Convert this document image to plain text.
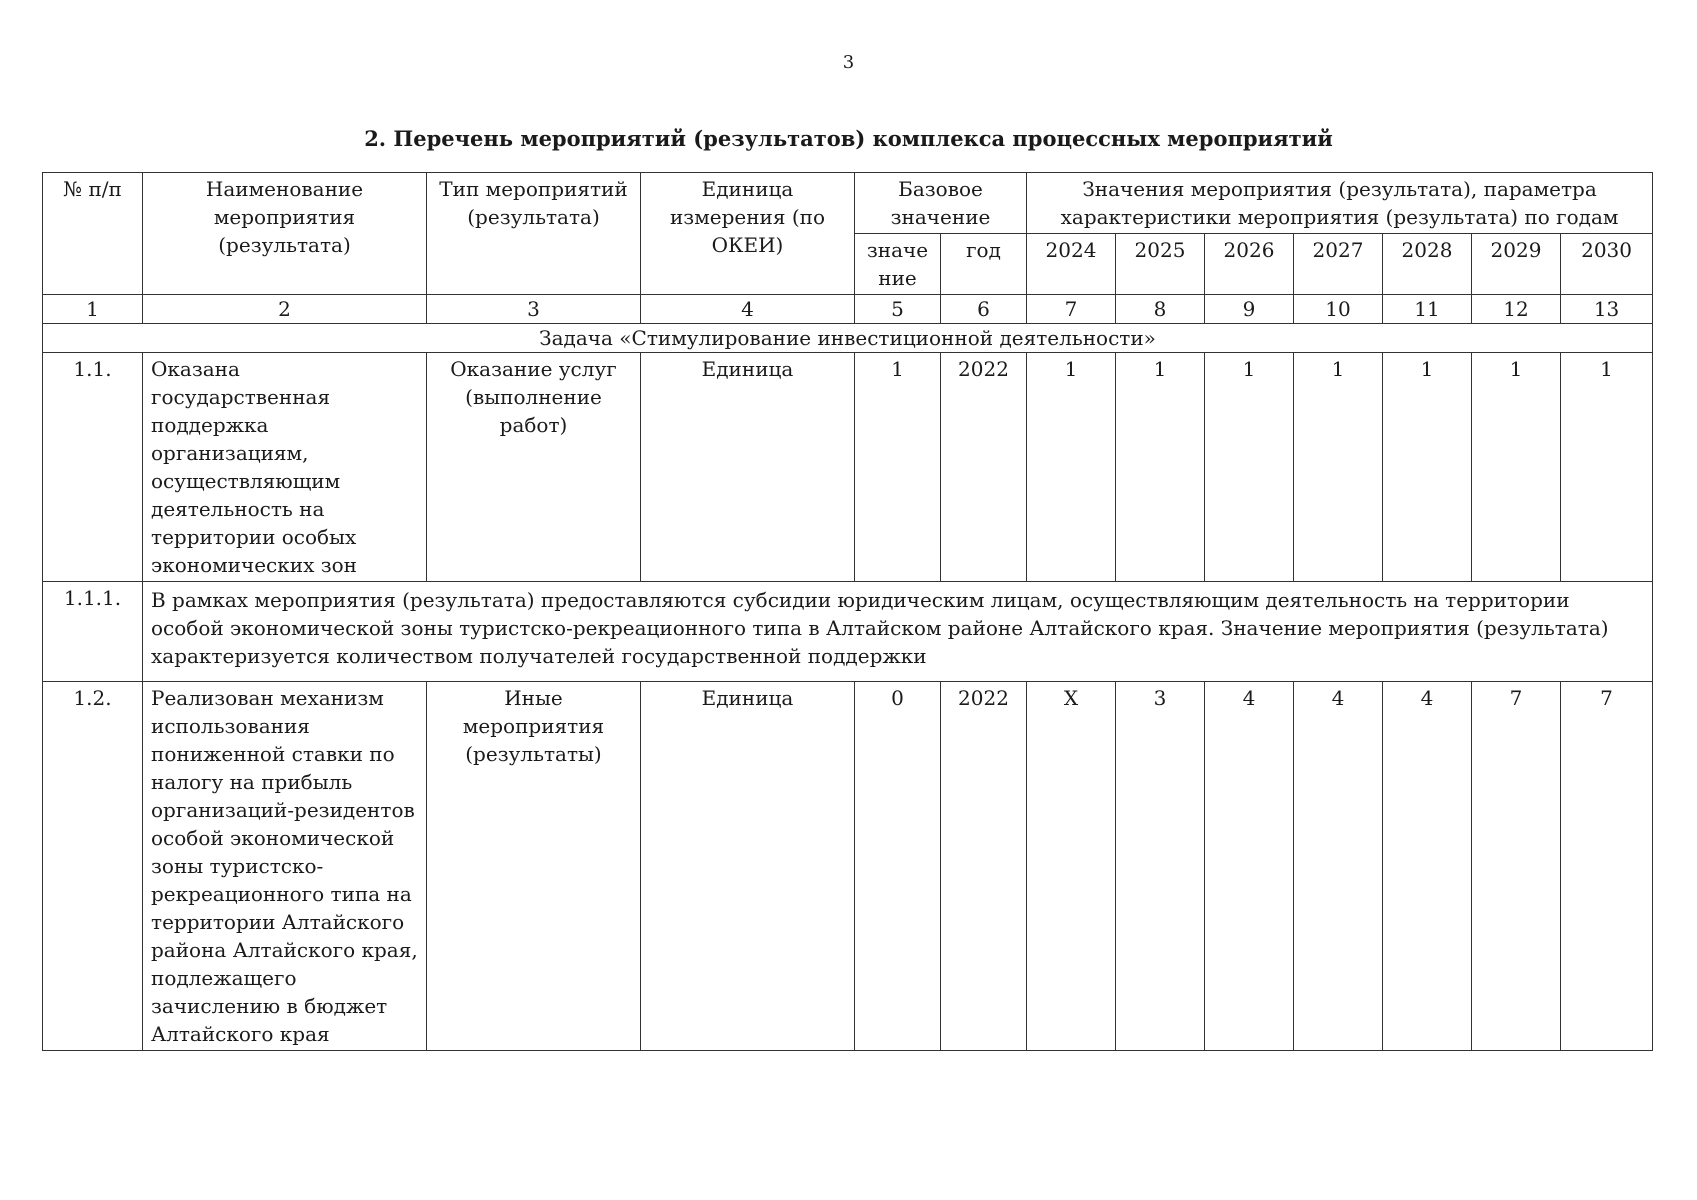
3
2. Перечень мероприятий (результатов) комплекса процессных мероприятий
№ п/п	Наименование мероприятия (результата)	Тип мероприятий (результата)	Единица измерения (по ОКЕИ)	Базовое значение		Значения мероприятия (результата), параметра характеристики мероприятия (результата) по годам						
				значе ние	год	2024	2025	2026	2027	2028	2029	2030
1	2	3	4	5	6	7	8	9	10	11	12	13
Задача «Стимулирование инвестиционной деятельности»												
1.1.	Оказана государственная поддержка организациям, осуществляющим деятельность на территории особых экономических зон	Оказание услуг (выполнение работ)	Единица	1	2022	1	1	1	1	1	1	1
1.1.1.	В рамках мероприятия (результата) предоставляются субсидии юридическим лицам, осуществляющим деятельность на территории особой экономической зоны туристско-рекреационного типа в Алтайском районе Алтайского края. Значение мероприятия (результата) характеризуется количеством получателей государственной поддержки											
1.2.	Реализован механизм использования пониженной ставки по налогу на прибыль организаций-резидентов особой экономической зоны туристско-рекреационного типа на территории Алтайского района Алтайского края, подлежащего зачислению в бюджет Алтайского края	Иные мероприятия (результаты)	Единица	0	2022	Х	3	4	4	4	7	7
